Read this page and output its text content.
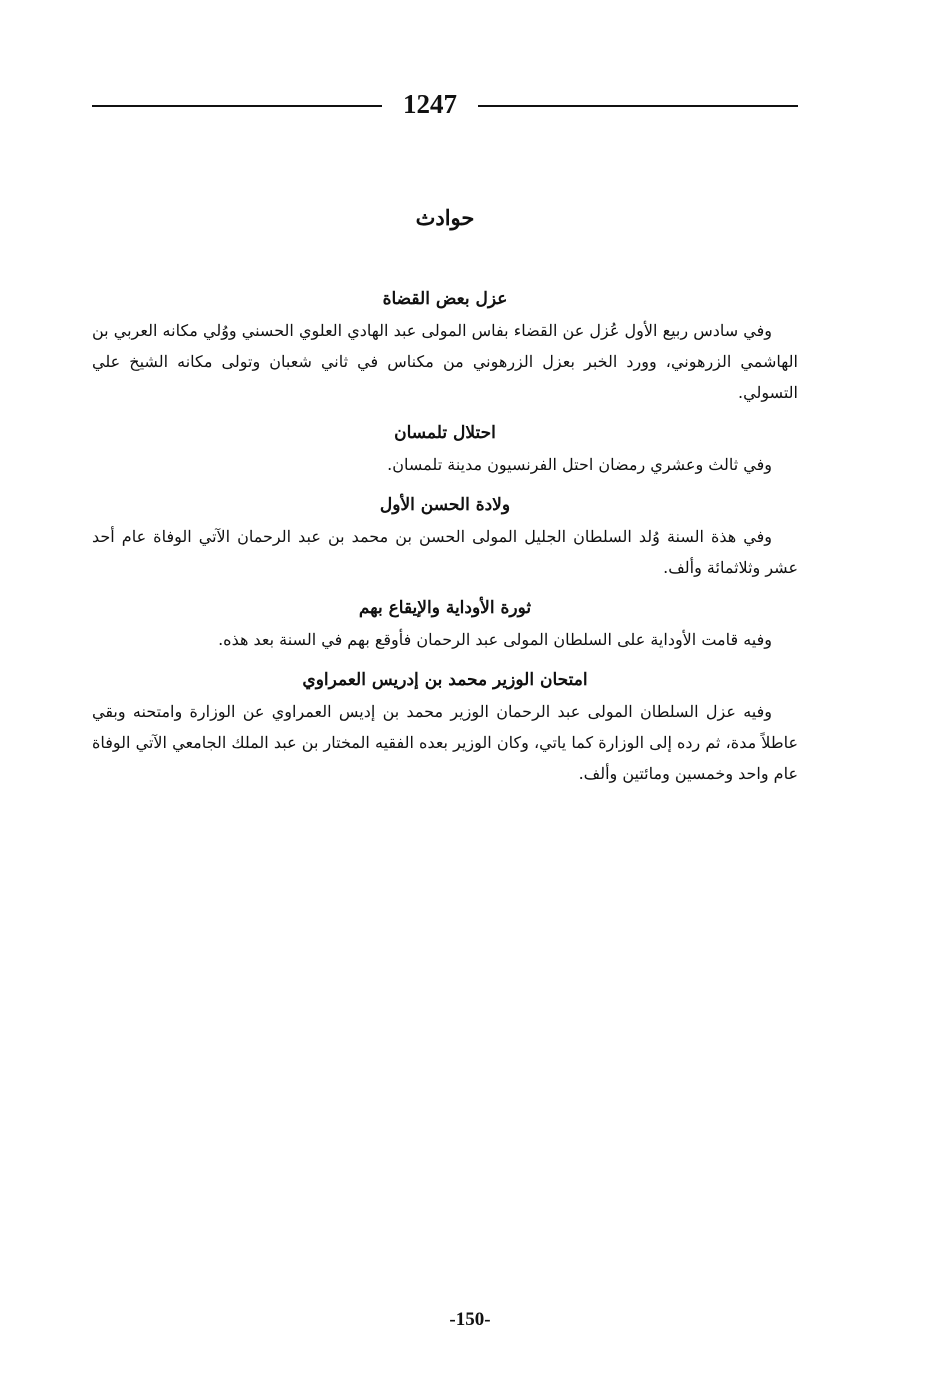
1247
حوادث

عزل بعض القضاة

وفي سادس ربيع الأول عُزل عن القضاء بفاس المولى عبد الهادي العلوي الحسني ووُلي مكانه العربي بن الهاشمي الزرهوني، وورد الخبر بعزل الزرهوني من مكناس في ثاني شعبان وتولى مكانه الشيخ علي التسولي.

احتلال تلمسان

وفي ثالث وعشري رمضان احتل الفرنسيون مدينة تلمسان.

ولادة الحسن الأول

وفي هذة السنة وُلد السلطان الجليل المولى الحسن بن محمد بن عبد الرحمان الآتي الوفاة عام أحد عشر وثلاثمائة وألف.

ثورة الأوداية والإيقاع بهم

وفيه قامت الأوداية على السلطان المولى عبد الرحمان فأوقع بهم في السنة بعد هذه.

امتحان الوزير محمد بن إدريس العمراوي

وفيه عزل السلطان المولى عبد الرحمان الوزير محمد بن إديس العمراوي عن الوزارة وامتحنه وبقي عاطلاً مدة، ثم رده إلى الوزارة كما ياتي، وكان الوزير بعده الفقيه المختار بن عبد الملك الجامعي الآتي الوفاة عام واحد وخمسين ومائتين وألف.

-150-
